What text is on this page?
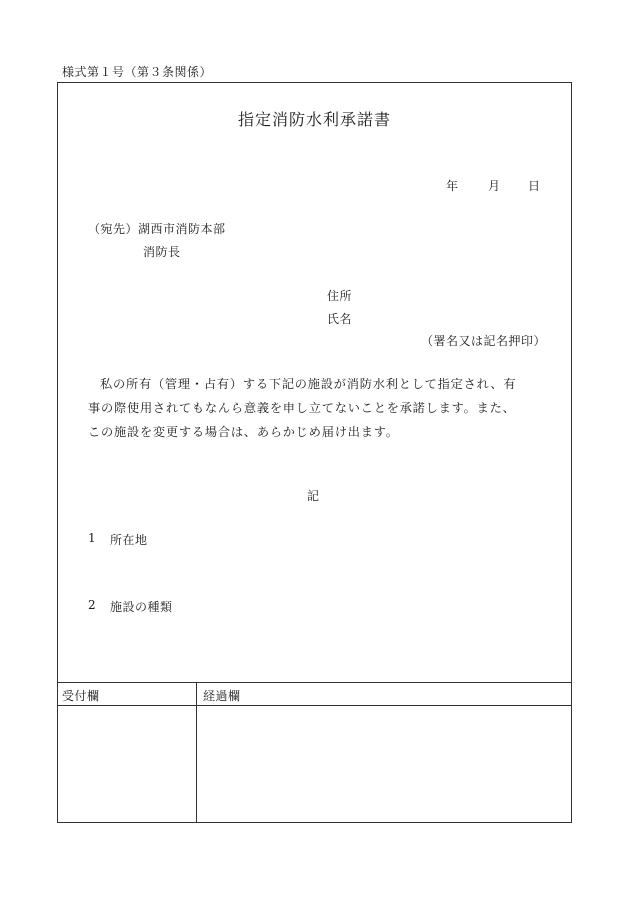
様式第１号（第３条関係）
指定消防水利承諾書
年 月 日
（宛先）湖西市消防本部
消防長
住所
氏名
（署名又は記名押印）

私の所有（管理・占有）する下記の施設が消防水利として指定され、有

事の際使用されてもなんら意義を申し立てないことを承諾します。また、

この施設を変更する場合は、あらかじめ届け出ます。

記
1 所在地
2 施設の種類
受付欄	経過欄
